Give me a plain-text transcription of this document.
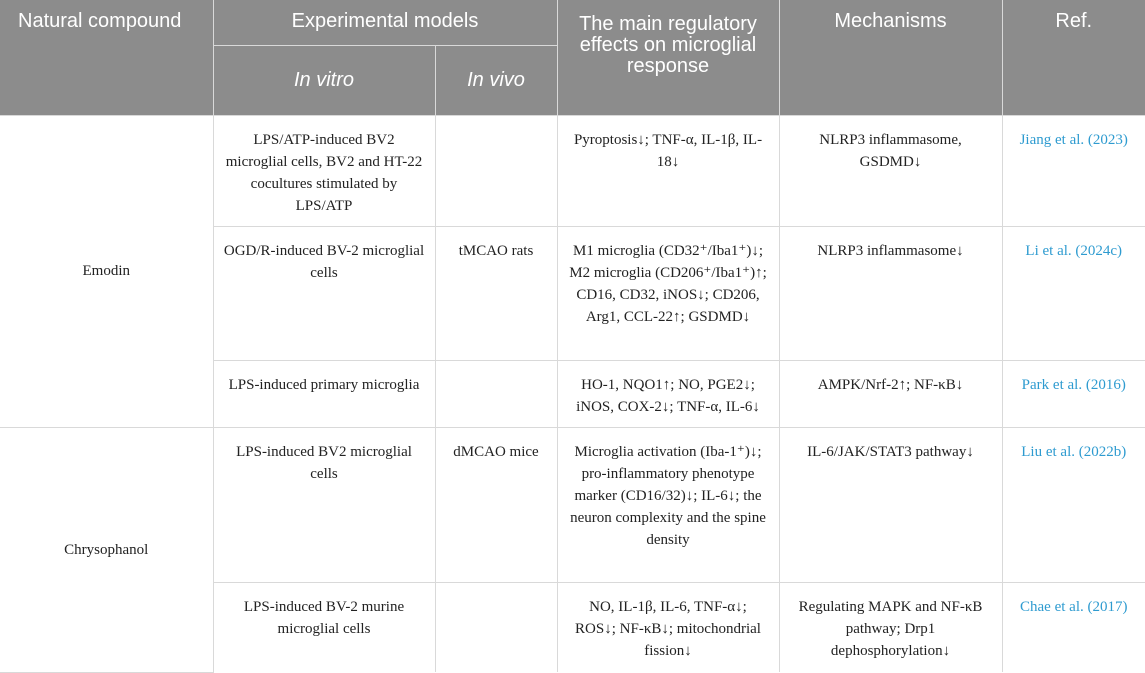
Natural compound	Experimental models		The main regulatory effects on microglial response	Mechanisms	Ref.
	In vitro	In vivo			
Emodin	LPS/ATP-induced BV2 microglial cells, BV2 and HT-22 cocultures stimulated by LPS/ATP		Pyroptosis↓; TNF-α, IL-1β, IL-18↓	NLRP3 inflammasome, GSDMD↓	Jiang et al. (2023)
	OGD/R-induced BV-2 microglial cells	tMCAO rats	M1 microglia (CD32⁺/Iba1⁺)↓; M2 microglia (CD206⁺/Iba1⁺)↑; CD16, CD32, iNOS↓; CD206, Arg1, CCL-22↑; GSDMD↓	NLRP3 inflammasome↓	Li et al. (2024c)
	LPS-induced primary microglia		HO-1, NQO1↑; NO, PGE2↓; iNOS, COX-2↓; TNF-α, IL-6↓	AMPK/Nrf-2↑; NF-κB↓	Park et al. (2016)
Chrysophanol	LPS-induced BV2 microglial cells	dMCAO mice	Microglia activation (Iba-1⁺)↓; pro-inflammatory phenotype marker (CD16/32)↓; IL-6↓; the neuron complexity and the spine density	IL-6/JAK/STAT3 pathway↓	Liu et al. (2022b)
	LPS-induced BV-2 murine microglial cells		NO, IL-1β, IL-6, TNF-α↓; ROS↓; NF-κB↓; mitochondrial fission↓	Regulating MAPK and NF-κB pathway; Drp1 dephosphorylation↓	Chae et al. (2017)
